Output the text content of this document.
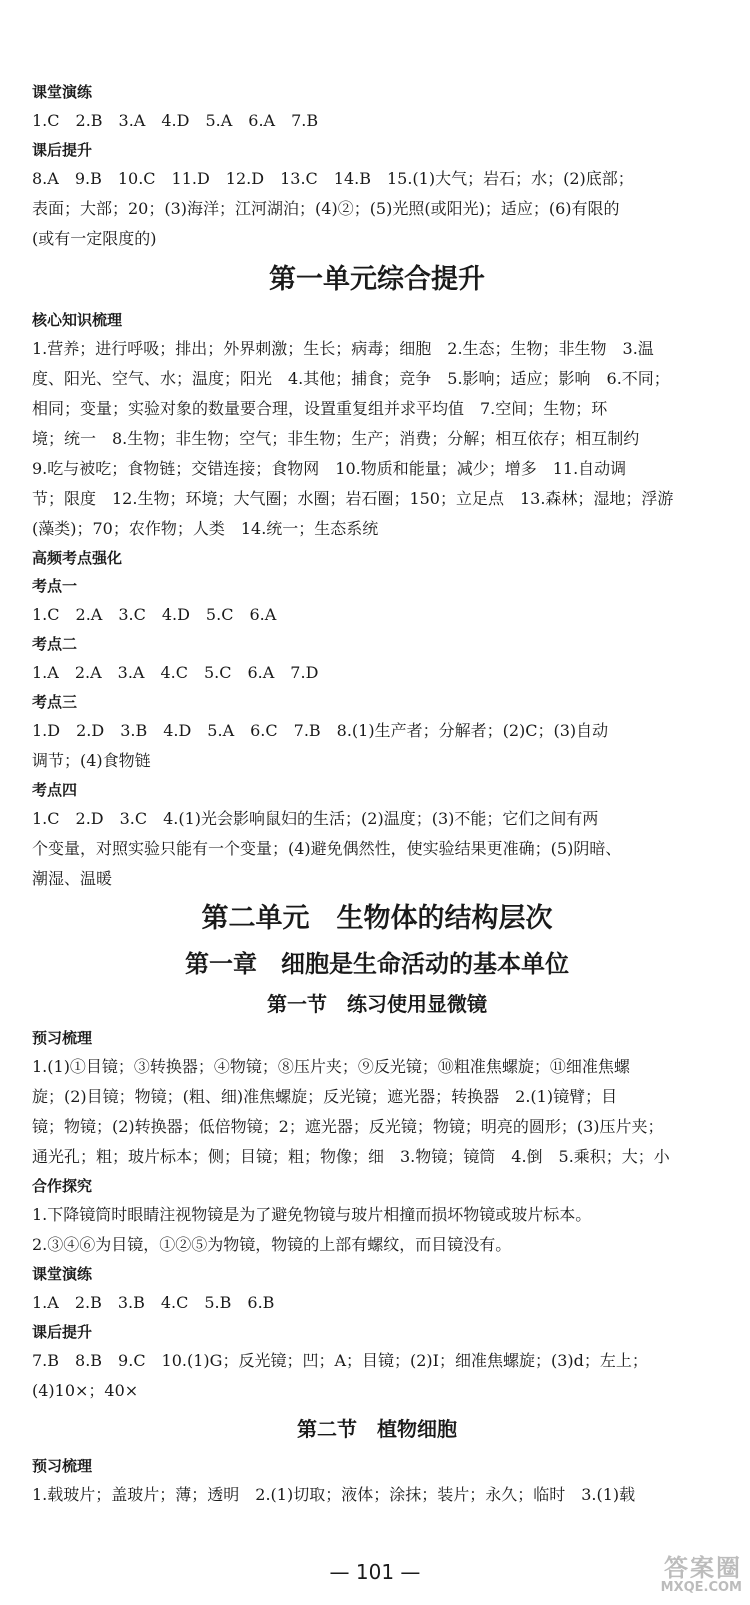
课堂演练

1.C　2.B　3.A　4.D　5.A　6.A　7.B

课后提升

8.A　9.B　10.C　11.D　12.D　13.C　14.B　15.(1)大气；岩石；水；(2)底部；

表面；大部；20；(3)海洋；江河湖泊；(4)②；(5)光照(或阳光)；适应；(6)有限的

(或有一定限度的)

第一单元综合提升

核心知识梳理

1.营养；进行呼吸；排出；外界刺激；生长；病毒；细胞　2.生态；生物；非生物　3.温

度、阳光、空气、水；温度；阳光　4.其他；捕食；竞争　5.影响；适应；影响　6.不同；

相同；变量；实验对象的数量要合理，设置重复组并求平均值　7.空间；生物；环

境；统一　8.生物；非生物；空气；非生物；生产；消费；分解；相互依存；相互制约

9.吃与被吃；食物链；交错连接；食物网　10.物质和能量；减少；增多　11.自动调

节；限度　12.生物；环境；大气圈；水圈；岩石圈；150；立足点　13.森林；湿地；浮游

(藻类)；70；农作物；人类　14.统一；生态系统

高频考点强化

考点一

1.C　2.A　3.C　4.D　5.C　6.A

考点二

1.A　2.A　3.A　4.C　5.C　6.A　7.D

考点三

1.D　2.D　3.B　4.D　5.A　6.C　7.B　8.(1)生产者；分解者；(2)C；(3)自动

调节；(4)食物链

考点四

1.C　2.D　3.C　4.(1)光会影响鼠妇的生活；(2)温度；(3)不能；它们之间有两

个变量，对照实验只能有一个变量；(4)避免偶然性，使实验结果更准确；(5)阴暗、

潮湿、温暖

第二单元　生物体的结构层次
第一章　细胞是生命活动的基本单位
第一节　练习使用显微镜

预习梳理

1.(1)①目镜；③转换器；④物镜；⑧压片夹；⑨反光镜；⑩粗准焦螺旋；⑪细准焦螺

旋；(2)目镜；物镜；(粗、细)准焦螺旋；反光镜；遮光器；转换器　2.(1)镜臂；目

镜；物镜；(2)转换器；低倍物镜；2；遮光器；反光镜；物镜；明亮的圆形；(3)压片夹；

通光孔；粗；玻片标本；侧；目镜；粗；物像；细　3.物镜；镜筒　4.倒　5.乘积；大；小

合作探究

1.下降镜筒时眼睛注视物镜是为了避免物镜与玻片相撞而损坏物镜或玻片标本。

2.③④⑥为目镜，①②⑤为物镜，物镜的上部有螺纹，而目镜没有。

课堂演练

1.A　2.B　3.B　4.C　5.B　6.B

课后提升

7.B　8.B　9.C　10.(1)G；反光镜；凹；A；目镜；(2)I；细准焦螺旋；(3)d；左上；

(4)10×；40×

第二节　植物细胞

预习梳理

1.载玻片；盖玻片；薄；透明　2.(1)切取；液体；涂抹；装片；永久；临时　3.(1)载

— 101 —	答案圈
MXQE.COM
